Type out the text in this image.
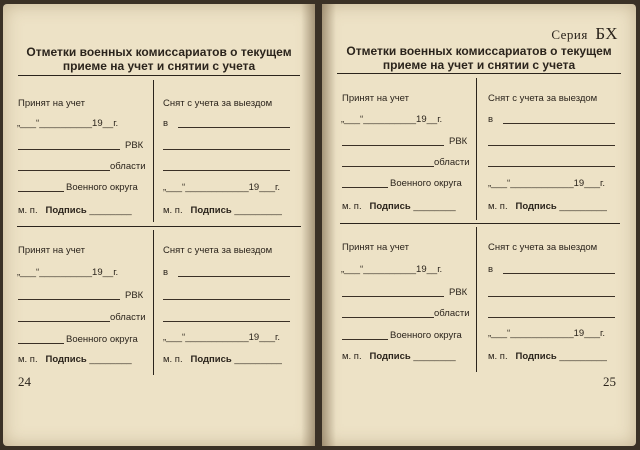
Отметки военных комиссариатов о текущем
приеме на учет и снятии с учета
Принят на учет	Снят с учета за выездом
„___“__________19__г.	в
РВК
области
Военного округа	„___“____________19___г.
м. п. Подпись ________	м. п. Подпись _________
Принят на учет	Снят с учета за выездом
„___“__________19__г.	в
РВК
области
Военного округа	„___“____________19___г.
м. п. Подпись ________	м. п. Подпись _________
24
Серия БХ
Отметки военных комиссариатов о текущем
приеме на учет и снятии с учета
Принят на учет	Снят с учета за выездом
„___“__________19__г.	в
РВК
области
Военного округа	„___“____________19___г.
м. п. Подпись ________	м. п. Подпись _________
Принят на учет	Снят с учета за выездом
„___“__________19__г.	в
РВК
области
Военного округа	„___“____________19___г.
м. п. Подпись ________	м. п. Подпись _________
25
